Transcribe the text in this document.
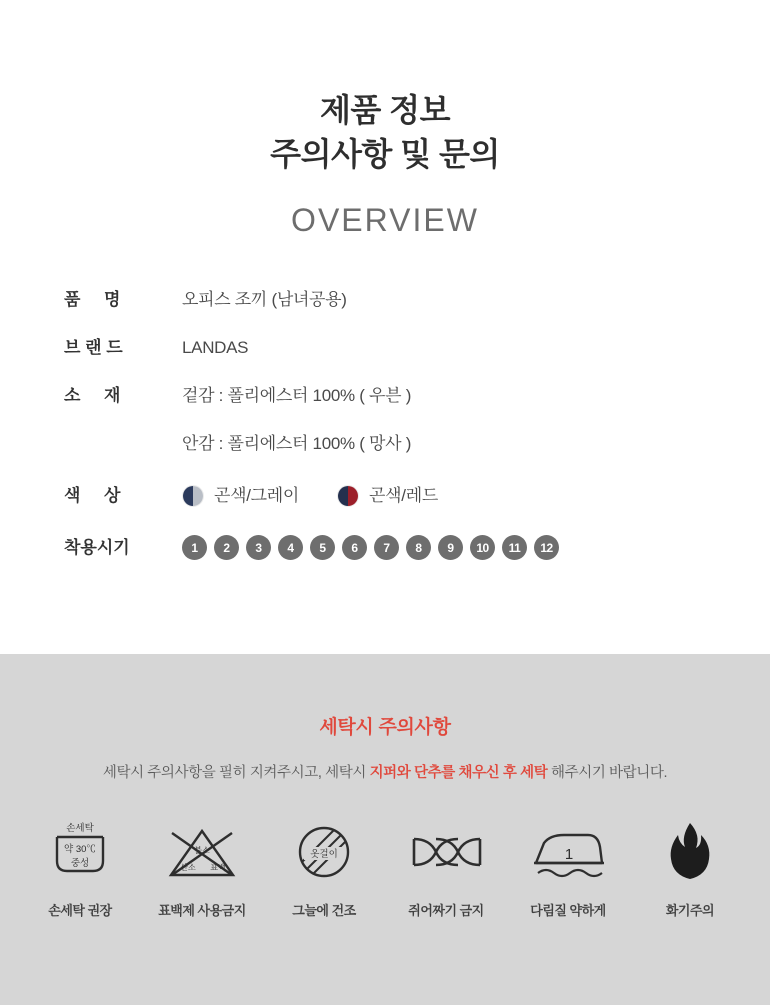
제품 정보
주의사항 및 문의
OVERVIEW
품     명	오피스 조끼 (남녀공용)
브 랜 드	LANDAS
소     재	겉감 : 폴리에스터 100% ( 우븐 )
안감 : 폴리에스터 100% ( 망사 )
색     상	곤색/그레이	곤색/레드
착용시기	1	2	3	4	5	6	7	8	9	10	11	12
세탁시 주의사항
세탁시 주의사항을 필히 지켜주시고, 세탁시 지퍼와 단추를 채우신 후 세탁 해주시기 바랍니다.
손세탁
약 30℃
중성
손세탁 권장
불소
산소 표백
표백제 사용금지
옷걸이
그늘에 건조	쥐어짜기 금지
1
다림질 약하게	화기주의
